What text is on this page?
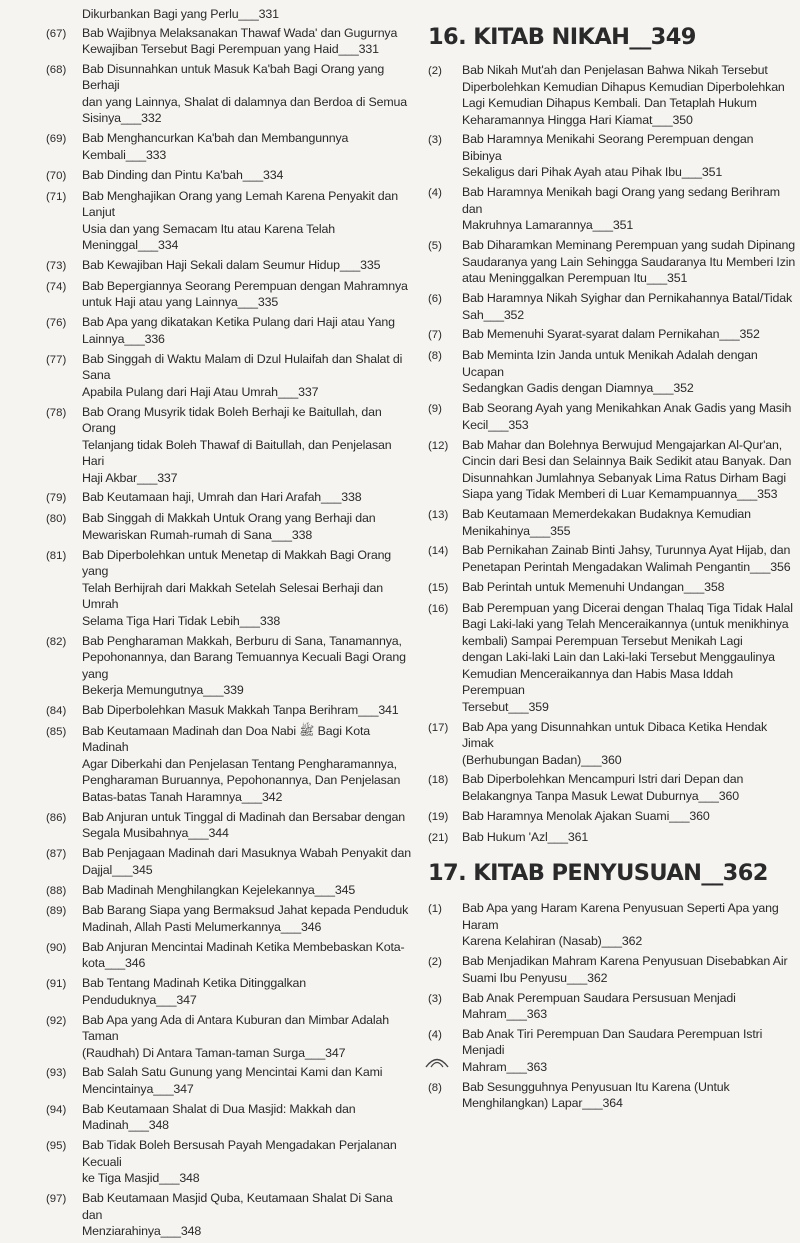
Dikurbankan Bagi yang Perlu___331
(67)	Bab Wajibnya Melaksanakan Thawaf Wada' dan Gugurnya
Kewajiban Tersebut Bagi Perempuan yang Haid___331
(68)	Bab Disunnahkan untuk Masuk Ka'bah Bagi Orang yang Berhaji
dan yang Lainnya, Shalat di dalamnya dan Berdoa di Semua
Sisinya___332
(69)	Bab Menghancurkan Ka'bah dan Membangunnya Kembali___333
(70)	Bab Dinding dan Pintu Ka'bah___334
(71)	Bab Menghajikan Orang yang Lemah Karena Penyakit dan Lanjut
Usia dan yang Semacam Itu atau Karena Telah Meninggal___334
(73)	Bab Kewajiban Haji Sekali dalam Seumur Hidup___335
(74)	Bab Bepergiannya Seorang Perempuan dengan Mahramnya
untuk Haji atau yang Lainnya___335
(76)	Bab Apa yang dikatakan Ketika Pulang dari Haji atau Yang
Lainnya___336
(77)	Bab Singgah di Waktu Malam di Dzul Hulaifah dan Shalat di Sana
Apabila Pulang dari Haji Atau Umrah___337
(78)	Bab Orang Musyrik tidak Boleh Berhaji ke Baitullah, dan Orang
Telanjang tidak Boleh Thawaf di Baitullah, dan Penjelasan Hari
Haji Akbar___337
(79)	Bab Keutamaan haji, Umrah dan Hari Arafah___338
(80)	Bab Singgah di Makkah Untuk Orang yang Berhaji dan
Mewariskan Rumah-rumah di Sana___338
(81)	Bab Diperbolehkan untuk Menetap di Makkah Bagi Orang yang
Telah Berhijrah dari Makkah Setelah Selesai Berhaji dan Umrah
Selama Tiga Hari Tidak Lebih___338
(82)	Bab Pengharaman Makkah, Berburu di Sana, Tanamannya,
Pepohonannya, dan Barang Temuannya Kecuali Bagi Orang yang
Bekerja Memungutnya___339
(84)	Bab Diperbolehkan Masuk Makkah Tanpa Berihram___341
(85)	Bab Keutamaan Madinah dan Doa Nabi ﷺ Bagi Kota Madinah
Agar Diberkahi dan Penjelasan Tentang Pengharamannya,
Pengharaman Buruannya, Pepohonannya, Dan Penjelasan
Batas-batas Tanah Haramnya___342
(86)	Bab Anjuran untuk Tinggal di Madinah dan Bersabar dengan
Segala Musibahnya___344
(87)	Bab Penjagaan Madinah dari Masuknya Wabah Penyakit dan
Dajjal___345
(88)	Bab Madinah Menghilangkan Kejelekannya___345
(89)	Bab Barang Siapa yang Bermaksud Jahat kepada Penduduk
Madinah, Allah Pasti Melumerkannya___346
(90)	Bab Anjuran Mencintai Madinah Ketika Membebaskan Kota-
kota___346
(91)	Bab Tentang Madinah Ketika Ditinggalkan Penduduknya___347
(92)	Bab Apa yang Ada di Antara Kuburan dan Mimbar Adalah Taman
(Raudhah) Di Antara Taman-taman Surga___347
(93)	Bab Salah Satu Gunung yang Mencintai Kami dan Kami
Mencintainya___347
(94)	Bab Keutamaan Shalat di Dua Masjid: Makkah dan Madinah___348
(95)	Bab Tidak Boleh Bersusah Payah Mengadakan Perjalanan Kecuali
ke Tiga Masjid___348
(97)	Bab Keutamaan Masjid Quba, Keutamaan Shalat Di Sana dan
Menziarahinya___348
16. KITAB NIKAH__349
(2)	Bab Nikah Mut'ah dan Penjelasan Bahwa Nikah Tersebut
Diperbolehkan Kemudian Dihapus Kemudian Diperbolehkan
Lagi Kemudian Dihapus Kembali. Dan Tetaplah Hukum
Keharamannya Hingga Hari Kiamat___350
(3)	Bab Haramnya Menikahi Seorang Perempuan dengan Bibinya
Sekaligus dari Pihak Ayah atau Pihak Ibu___351
(4)	Bab Haramnya Menikah bagi Orang yang sedang Berihram dan
Makruhnya Lamarannya___351
(5)	Bab Diharamkan Meminang Perempuan yang sudah Dipinang
Saudaranya yang Lain Sehingga Saudaranya Itu Memberi Izin
atau Meninggalkan Perempuan Itu___351
(6)	Bab Haramnya Nikah Syighar dan Pernikahannya Batal/Tidak
Sah___352
(7)	Bab Memenuhi Syarat-syarat dalam Pernikahan___352
(8)	Bab Meminta Izin Janda untuk Menikah Adalah dengan Ucapan
Sedangkan Gadis dengan Diamnya___352
(9)	Bab Seorang Ayah yang Menikahkan Anak Gadis yang Masih
Kecil___353
(12)	Bab Mahar dan Bolehnya Berwujud Mengajarkan Al-Qur'an,
Cincin dari Besi dan Selainnya Baik Sedikit atau Banyak. Dan
Disunnahkan Jumlahnya Sebanyak Lima Ratus Dirham Bagi
Siapa yang Tidak Memberi di Luar Kemampuannya___353
(13)	Bab Keutamaan Memerdekakan Budaknya Kemudian
Menikahinya___355
(14)	Bab Pernikahan Zainab Binti Jahsy, Turunnya Ayat Hijab, dan
Penetapan Perintah Mengadakan Walimah Pengantin___356
(15)	Bab Perintah untuk Memenuhi Undangan___358
(16)	Bab Perempuan yang Dicerai dengan Thalaq Tiga Tidak Halal
Bagi Laki-laki yang Telah Menceraikannya (untuk menikhinya
kembali) Sampai Perempuan Tersebut Menikah Lagi
dengan Laki-laki Lain dan Laki-laki Tersebut Menggaulinya
Kemudian Menceraikannya dan Habis Masa Iddah Perempuan
Tersebut___359
(17)	Bab Apa yang Disunnahkan untuk Dibaca Ketika Hendak Jimak
(Berhubungan Badan)___360
(18)	Bab Diperbolehkan Mencampuri Istri dari Depan dan
Belakangnya Tanpa Masuk Lewat Duburnya___360
(19)	Bab Haramnya Menolak Ajakan Suami___360
(21)	Bab Hukum 'Azl___361
17. KITAB PENYUSUAN__362
(1)	Bab Apa yang Haram Karena Penyusuan Seperti Apa yang Haram
Karena Kelahiran (Nasab)___362
(2)	Bab Menjadikan Mahram Karena Penyusuan Disebabkan Air
Suami Ibu Penyusu___362
(3)	Bab Anak Perempuan Saudara Persusuan Menjadi Mahram___363
(4)	Bab Anak Tiri Perempuan Dan Saudara Perempuan Istri Menjadi
Mahram___363
(8)	Bab Sesungguhnya Penyusuan Itu Karena (Untuk
Menghilangkan) Lapar___364
